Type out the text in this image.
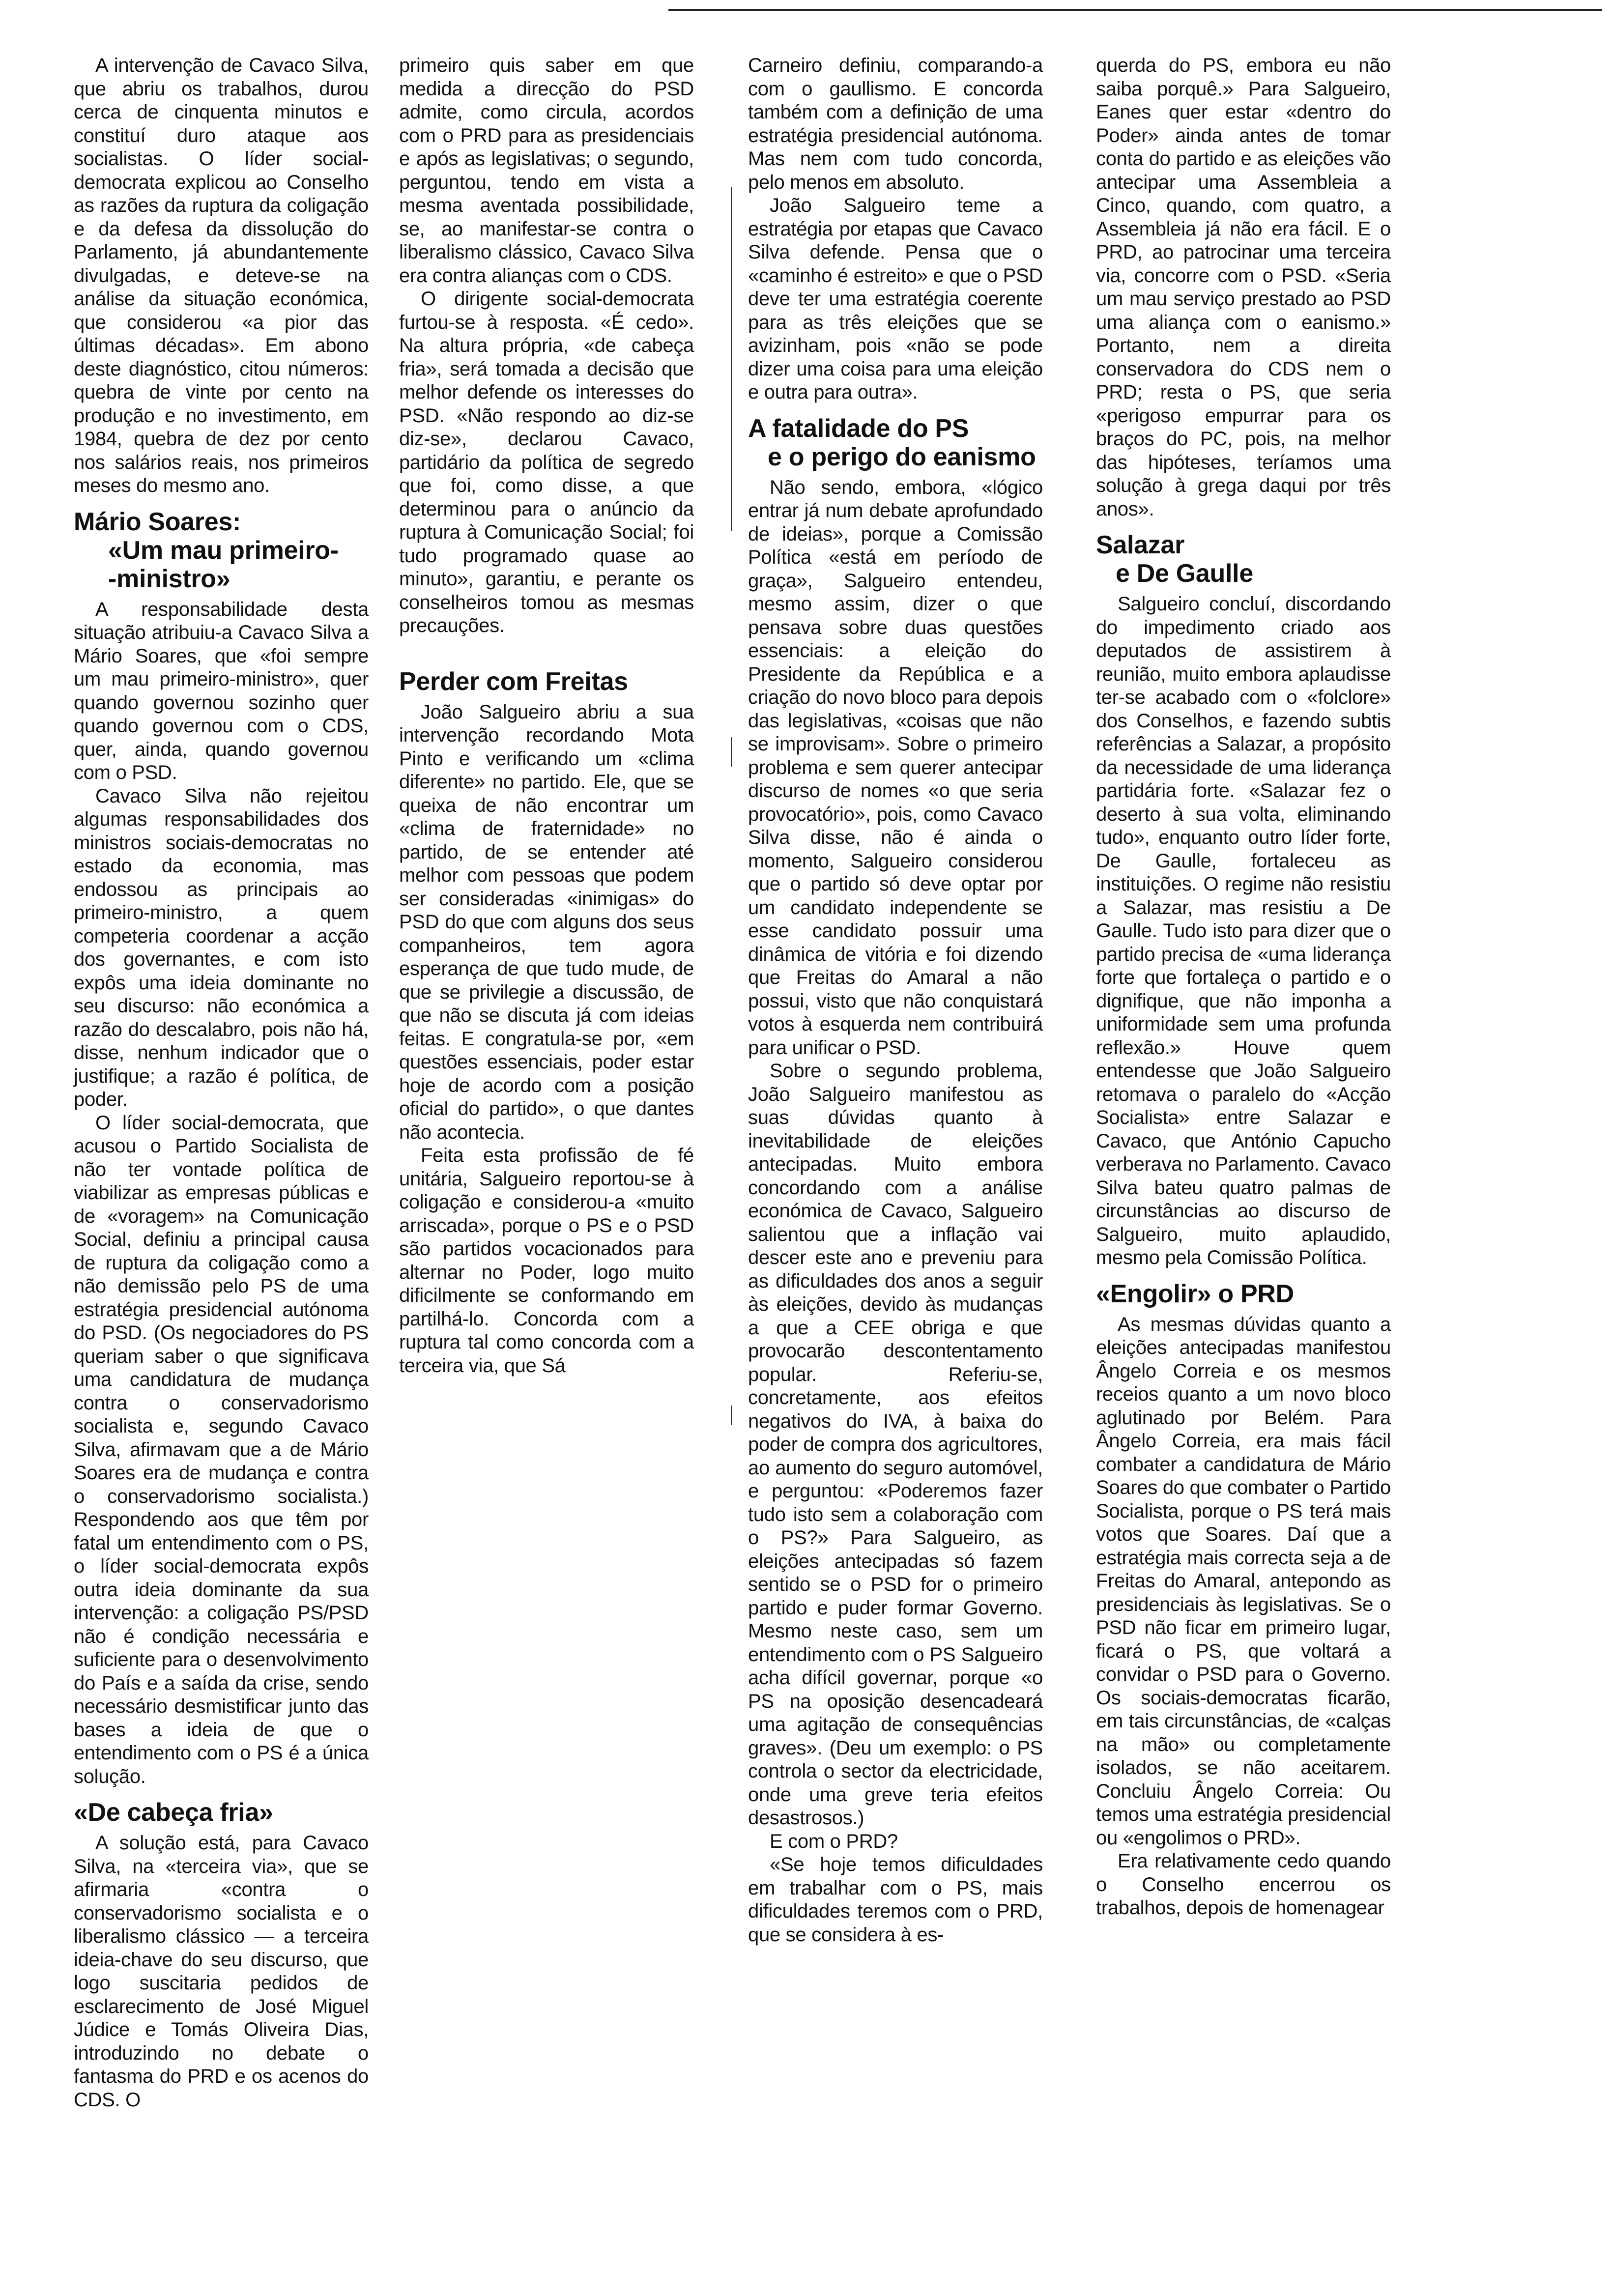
A intervenção de Cavaco Silva, que abriu os trabalhos, durou cerca de cinquenta minutos e constituí duro ataque aos socialistas. O líder social-democrata explicou ao Conselho as razões da ruptura da coligação e da defesa da dissolução do Parlamento, já abundantemente divulgadas, e deteve-se na análise da situação económica, que considerou «a pior das últimas décadas». Em abono deste diagnóstico, citou números: quebra de vinte por cento na produção e no investimento, em 1984, quebra de dez por cento nos salários reais, nos primeiros meses do mesmo ano.

Mário Soares:

«Um mau primeiro-
-ministro»

A responsabilidade desta situação atribuiu-a Cavaco Silva a Mário Soares, que «foi sempre um mau primeiro-ministro», quer quando governou sozinho quer quando governou com o CDS, quer, ainda, quando governou com o PSD.

Cavaco Silva não rejeitou algumas responsabilidades dos ministros sociais-democratas no estado da economia, mas endossou as principais ao primeiro-ministro, a quem competeria coordenar a acção dos governantes, e com isto expôs uma ideia dominante no seu discurso: não económica a razão do descalabro, pois não há, disse, nenhum indicador que o justifique; a razão é política, de poder.

O líder social-democrata, que acusou o Partido Socialista de não ter vontade política de viabilizar as empresas públicas e de «voragem» na Comunicação Social, definiu a principal causa de ruptura da coligação como a não demissão pelo PS de uma estratégia presidencial autónoma do PSD. (Os negociadores do PS queriam saber o que significava uma candidatura de mudança contra o conservadorismo socialista e, segundo Cavaco Silva, afirmavam que a de Mário Soares era de mudança e contra o conservadorismo socialista.) Respondendo aos que têm por fatal um entendimento com o PS, o líder social-democrata expôs outra ideia dominante da sua intervenção: a coligação PS/PSD não é condição necessária e suficiente para o desenvolvimento do País e a saída da crise, sendo necessário desmistificar junto das bases a ideia de que o entendimento com o PS é a única solução.

«De cabeça fria»

A solução está, para Cavaco Silva, na «terceira via», que se afirmaria «contra o conservadorismo socialista e o liberalismo clássico — a terceira ideia-chave do seu discurso, que logo suscitaria pedidos de esclarecimento de José Miguel Júdice e Tomás Oliveira Dias, introduzindo no debate o fantasma do PRD e os acenos do CDS. O

primeiro quis saber em que medida a direcção do PSD admite, como circula, acordos com o PRD para as presidenciais e após as legislativas; o segundo, perguntou, tendo em vista a mesma aventada possibilidade, se, ao manifestar-se contra o liberalismo clássico, Cavaco Silva era contra alianças com o CDS.

O dirigente social-democrata furtou-se à resposta. «É cedo». Na altura própria, «de cabeça fria», será tomada a decisão que melhor defende os interesses do PSD. «Não respondo ao diz-se diz-se», declarou Cavaco, partidário da política de segredo que foi, como disse, a que determinou para o anúncio da ruptura à Comunicação Social; foi tudo programado quase ao minuto», garantiu, e perante os conselheiros tomou as mesmas precauções.

Perder com Freitas

João Salgueiro abriu a sua intervenção recordando Mota Pinto e verificando um «clima diferente» no partido. Ele, que se queixa de não encontrar um «clima de fraternidade» no partido, de se entender até melhor com pessoas que podem ser consideradas «inimigas» do PSD do que com alguns dos seus companheiros, tem agora esperança de que tudo mude, de que se privilegie a discussão, de que não se discuta já com ideias feitas. E congratula-se por, «em questões essenciais, poder estar hoje de acordo com a posição oficial do partido», o que dantes não acontecia.

Feita esta profissão de fé unitária, Salgueiro reportou-se à coligação e considerou-a «muito arriscada», porque o PS e o PSD são partidos vocacionados para alternar no Poder, logo muito dificilmente se conformando em partilhá-lo. Concorda com a ruptura tal como concorda com a terceira via, que Sá

Carneiro definiu, comparando-a com o gaullismo. E concorda também com a definição de uma estratégia presidencial autónoma. Mas nem com tudo concorda, pelo menos em absoluto.

João Salgueiro teme a estratégia por etapas que Cavaco Silva defende. Pensa que o «caminho é estreito» e que o PSD deve ter uma estratégia coerente para as três eleições que se avizinham, pois «não se pode dizer uma coisa para uma eleição e outra para outra».

A fatalidade do PS
e o perigo do eanismo

Não sendo, embora, «lógico entrar já num debate aprofundado de ideias», porque a Comissão Política «está em período de graça», Salgueiro entendeu, mesmo assim, dizer o que pensava sobre duas questões essenciais: a eleição do Presidente da República e a criação do novo bloco para depois das legislativas, «coisas que não se improvisam». Sobre o primeiro problema e sem querer antecipar discurso de nomes «o que seria provocatório», pois, como Cavaco Silva disse, não é ainda o momento, Salgueiro considerou que o partido só deve optar por um candidato independente se esse candidato possuir uma dinâmica de vitória e foi dizendo que Freitas do Amaral a não possui, visto que não conquistará votos à esquerda nem contribuirá para unificar o PSD.

Sobre o segundo problema, João Salgueiro manifestou as suas dúvidas quanto à inevitabilidade de eleições antecipadas. Muito embora concordando com a análise económica de Cavaco, Salgueiro salientou que a inflação vai descer este ano e preveniu para as dificuldades dos anos a seguir às eleições, devido às mudanças a que a CEE obriga e que provocarão descontentamento popular. Referiu-se, concretamente, aos efeitos negativos do IVA, à baixa do poder de compra dos agricultores, ao aumento do seguro automóvel, e perguntou: «Poderemos fazer tudo isto sem a colaboração com o PS?» Para Salgueiro, as eleições antecipadas só fazem sentido se o PSD for o primeiro partido e puder formar Governo. Mesmo neste caso, sem um entendimento com o PS Salgueiro acha difícil governar, porque «o PS na oposição desencadeará uma agitação de consequências graves». (Deu um exemplo: o PS controla o sector da electricidade, onde uma greve teria efeitos desastrosos.)

E com o PRD?

«Se hoje temos dificuldades em trabalhar com o PS, mais dificuldades teremos com o PRD, que se considera à es-

querda do PS, embora eu não saiba porquê.» Para Salgueiro, Eanes quer estar «dentro do Poder» ainda antes de tomar conta do partido e as eleições vão antecipar uma Assembleia a Cinco, quando, com quatro, a Assembleia já não era fácil. E o PRD, ao patrocinar uma terceira via, concorre com o PSD. «Seria um mau serviço prestado ao PSD uma aliança com o eanismo.» Portanto, nem a direita conservadora do CDS nem o PRD; resta o PS, que seria «perigoso empurrar para os braços do PC, pois, na melhor das hipóteses, teríamos uma solução à grega daqui por três anos».

Salazar
e De Gaulle

Salgueiro concluí, discordando do impedimento criado aos deputados de assistirem à reunião, muito embora aplaudisse ter-se acabado com o «folclore» dos Conselhos, e fazendo subtis referências a Salazar, a propósito da necessidade de uma liderança partidária forte. «Salazar fez o deserto à sua volta, eliminando tudo», enquanto outro líder forte, De Gaulle, fortaleceu as instituições. O regime não resistiu a Salazar, mas resistiu a De Gaulle. Tudo isto para dizer que o partido precisa de «uma liderança forte que fortaleça o partido e o dignifique, que não imponha a uniformidade sem uma profunda reflexão.» Houve quem entendesse que João Salgueiro retomava o paralelo do «Acção Socialista» entre Salazar e Cavaco, que António Capucho verberava no Parlamento. Cavaco Silva bateu quatro palmas de circunstâncias ao discurso de Salgueiro, muito aplaudido, mesmo pela Comissão Política.

«Engolir» o PRD

As mesmas dúvidas quanto a eleições antecipadas manifestou Ângelo Correia e os mesmos receios quanto a um novo bloco aglutinado por Belém. Para Ângelo Correia, era mais fácil combater a candidatura de Mário Soares do que combater o Partido Socialista, porque o PS terá mais votos que Soares. Daí que a estratégia mais correcta seja a de Freitas do Amaral, antepondo as presidenciais às legislativas. Se o PSD não ficar em primeiro lugar, ficará o PS, que voltará a convidar o PSD para o Governo. Os sociais-democratas ficarão, em tais circunstâncias, de «calças na mão» ou completamente isolados, se não aceitarem. Concluiu Ângelo Correia: Ou temos uma estratégia presidencial ou «engolimos o PRD».

Era relativamente cedo quando o Conselho encerrou os trabalhos, depois de homenagear
